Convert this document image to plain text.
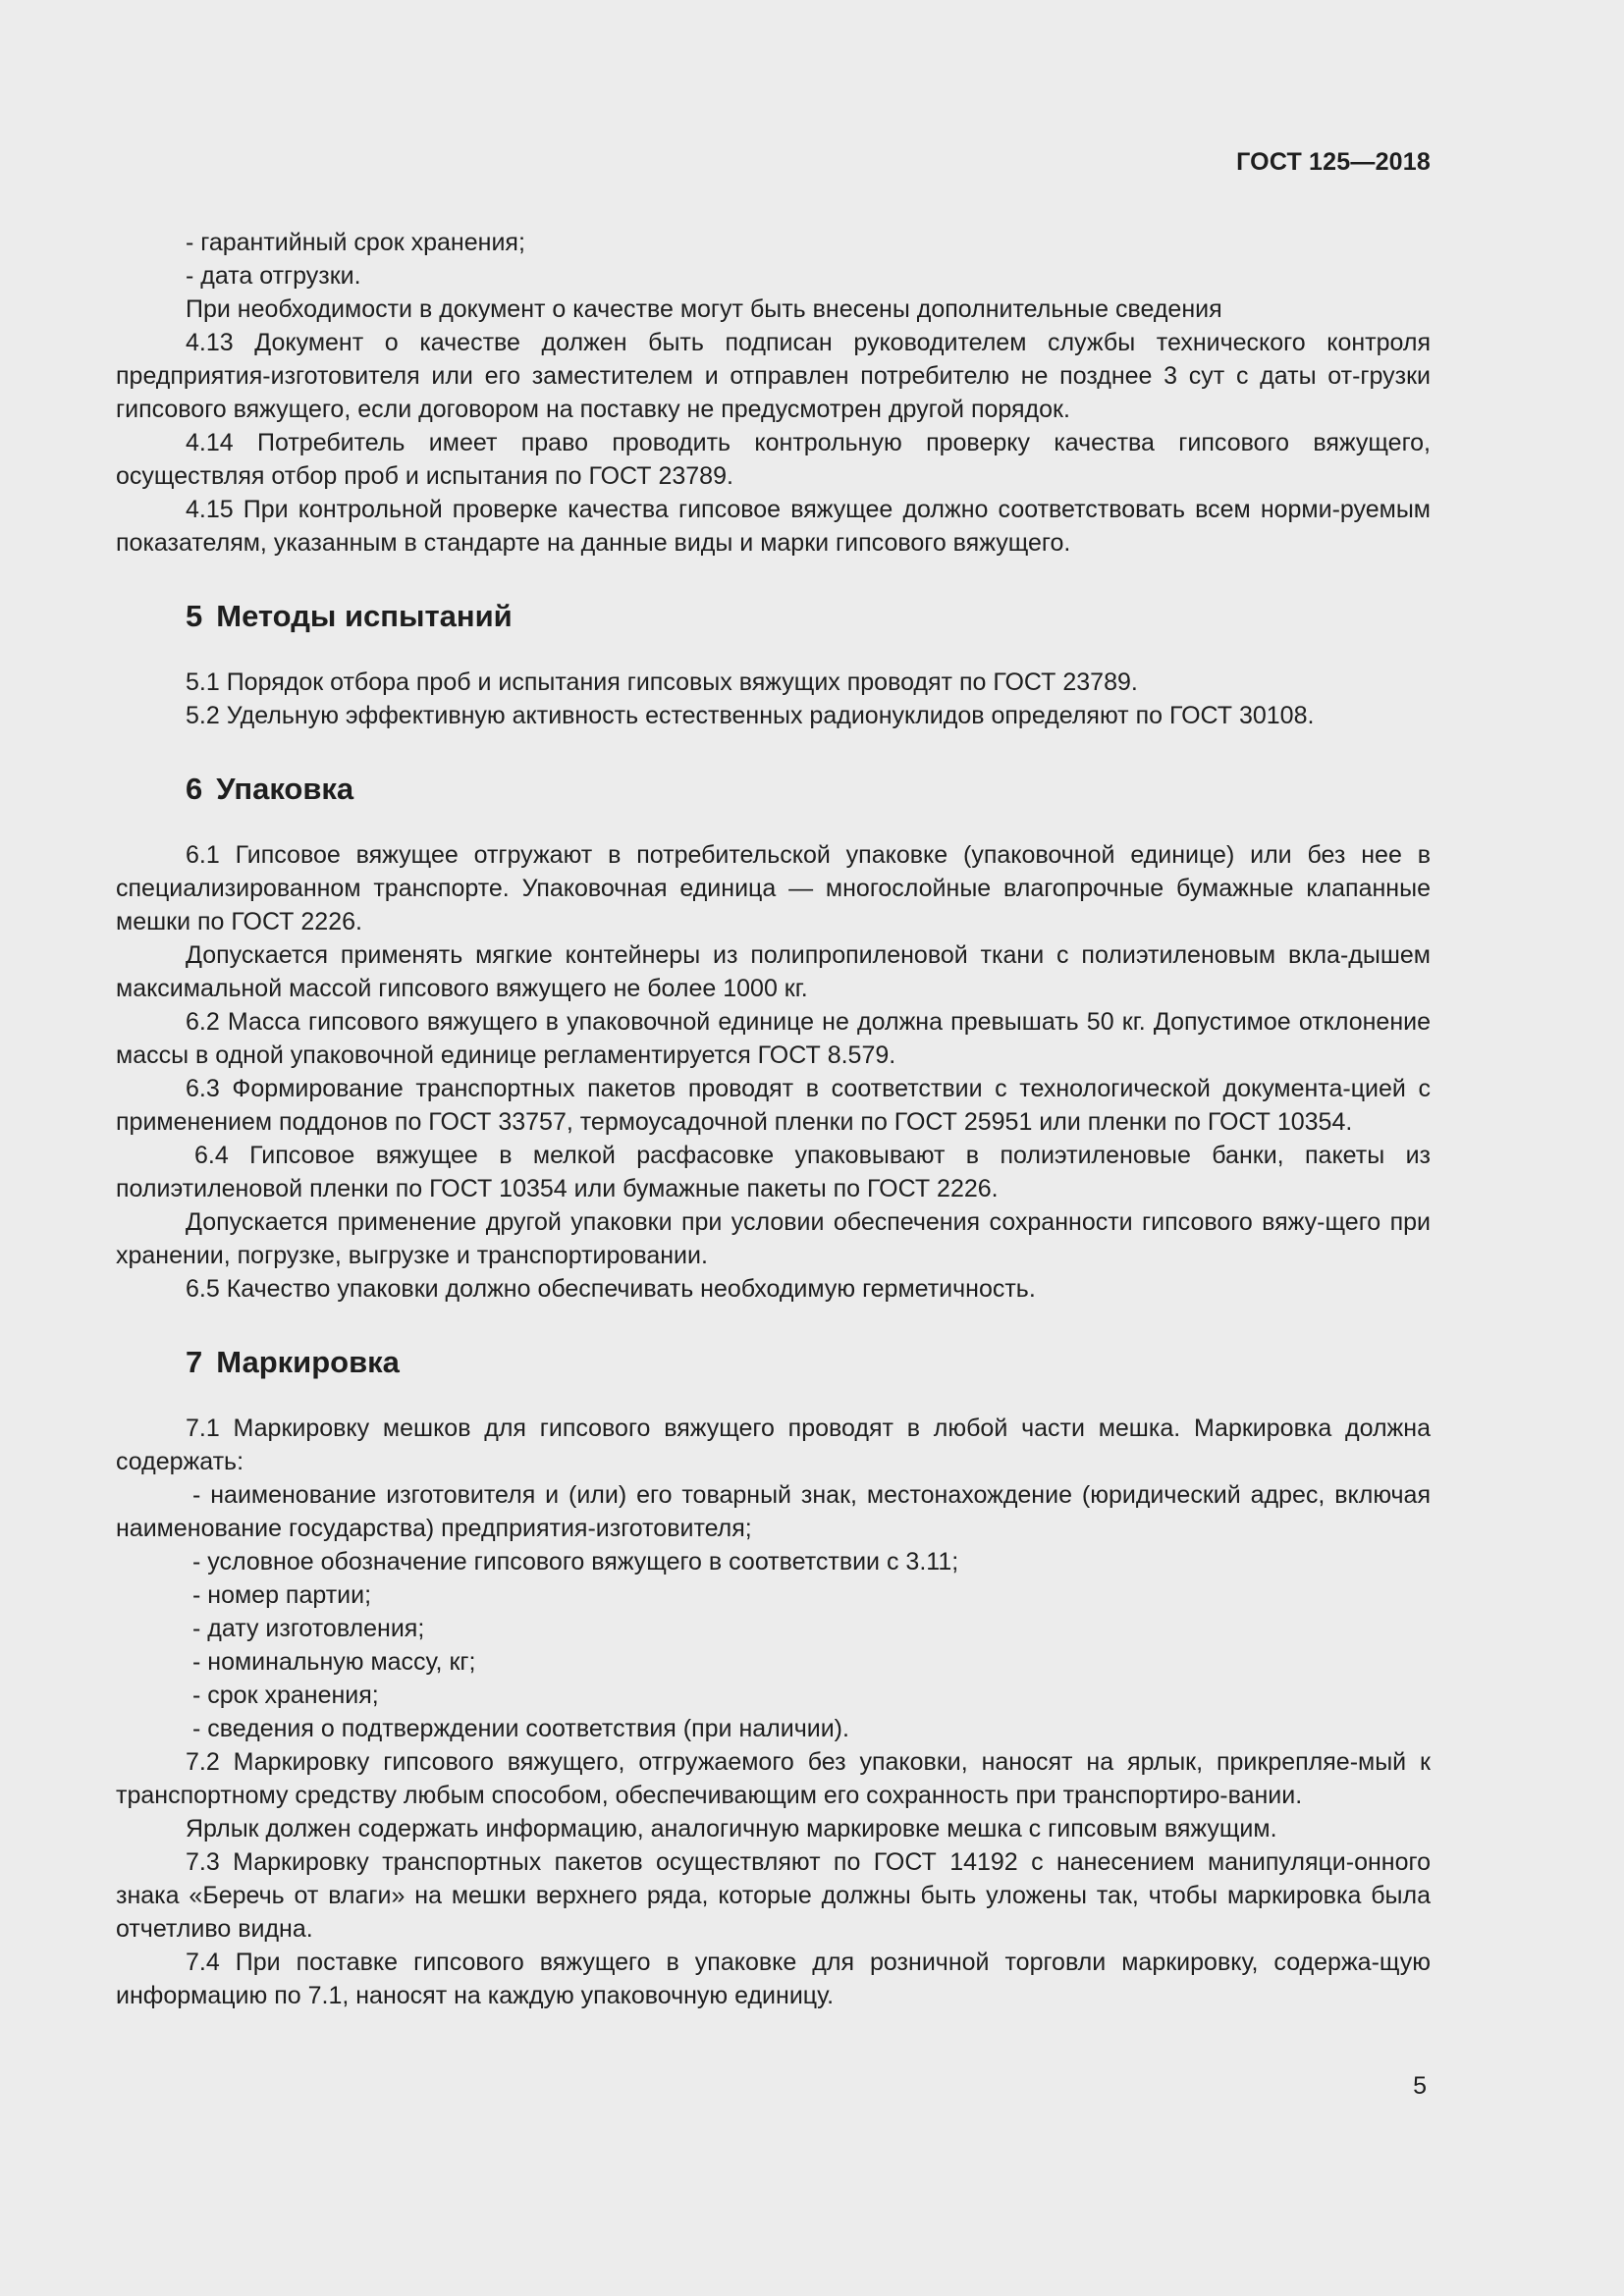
ГОСТ 125—2018

- гарантийный срок хранения;

- дата отгрузки.

При необходимости в документ о качестве могут быть внесены дополнительные сведения

4.13 Документ о качестве должен быть подписан руководителем службы технического контроля предприятия-изготовителя или его заместителем и отправлен потребителю не позднее 3 сут с даты от-грузки гипсового вяжущего, если договором на поставку не предусмотрен другой порядок.

4.14 Потребитель имеет право проводить контрольную проверку качества гипсового вяжущего, осуществляя отбор проб и испытания по ГОСТ 23789.

4.15 При контрольной проверке качества гипсовое вяжущее должно соответствовать всем норми-руемым показателям, указанным в стандарте на данные виды и марки гипсового вяжущего.

5 Методы испытаний

5.1 Порядок отбора проб и испытания гипсовых вяжущих проводят по ГОСТ 23789.

5.2 Удельную эффективную активность естественных радионуклидов определяют по ГОСТ 30108.

6 Упаковка

6.1 Гипсовое вяжущее отгружают в потребительской упаковке (упаковочной единице) или без нее в специализированном транспорте. Упаковочная единица — многослойные влагопрочные бумажные клапанные мешки по ГОСТ 2226.

Допускается применять мягкие контейнеры из полипропиленовой ткани с полиэтиленовым вкла-дышем максимальной массой гипсового вяжущего не более 1000 кг.

6.2 Масса гипсового вяжущего в упаковочной единице не должна превышать 50 кг. Допустимое отклонение массы в одной упаковочной единице регламентируется ГОСТ 8.579.

6.3 Формирование транспортных пакетов проводят в соответствии с технологической документа-цией с применением поддонов по ГОСТ 33757, термоусадочной пленки по ГОСТ 25951 или пленки по ГОСТ 10354.

6.4 Гипсовое вяжущее в мелкой расфасовке упаковывают в полиэтиленовые банки, пакеты из полиэтиленовой пленки по ГОСТ 10354 или бумажные пакеты по ГОСТ 2226.

Допускается применение другой упаковки при условии обеспечения сохранности гипсового вяжу-щего при хранении, погрузке, выгрузке и транспортировании.

6.5 Качество упаковки должно обеспечивать необходимую герметичность.

7 Маркировка

7.1 Маркировку мешков для гипсового вяжущего проводят в любой части мешка. Маркировка должна содержать:

- наименование изготовителя и (или) его товарный знак, местонахождение (юридический адрес, включая наименование государства) предприятия-изготовителя;

- условное обозначение гипсового вяжущего в соответствии с 3.11;

- номер партии;

- дату изготовления;

- номинальную массу, кг;

- срок хранения;

- сведения о подтверждении соответствия (при наличии).

7.2 Маркировку гипсового вяжущего, отгружаемого без упаковки, наносят на ярлык, прикрепляе-мый к транспортному средству любым способом, обеспечивающим его сохранность при транспортиро-вании.

Ярлык должен содержать информацию, аналогичную маркировке мешка с гипсовым вяжущим.

7.3 Маркировку транспортных пакетов осуществляют по ГОСТ 14192 с нанесением манипуляци-онного знака «Беречь от влаги» на мешки верхнего ряда, которые должны быть уложены так, чтобы маркировка была отчетливо видна.

7.4 При поставке гипсового вяжущего в упаковке для розничной торговли маркировку, содержа-щую информацию по 7.1, наносят на каждую упаковочную единицу.

5
